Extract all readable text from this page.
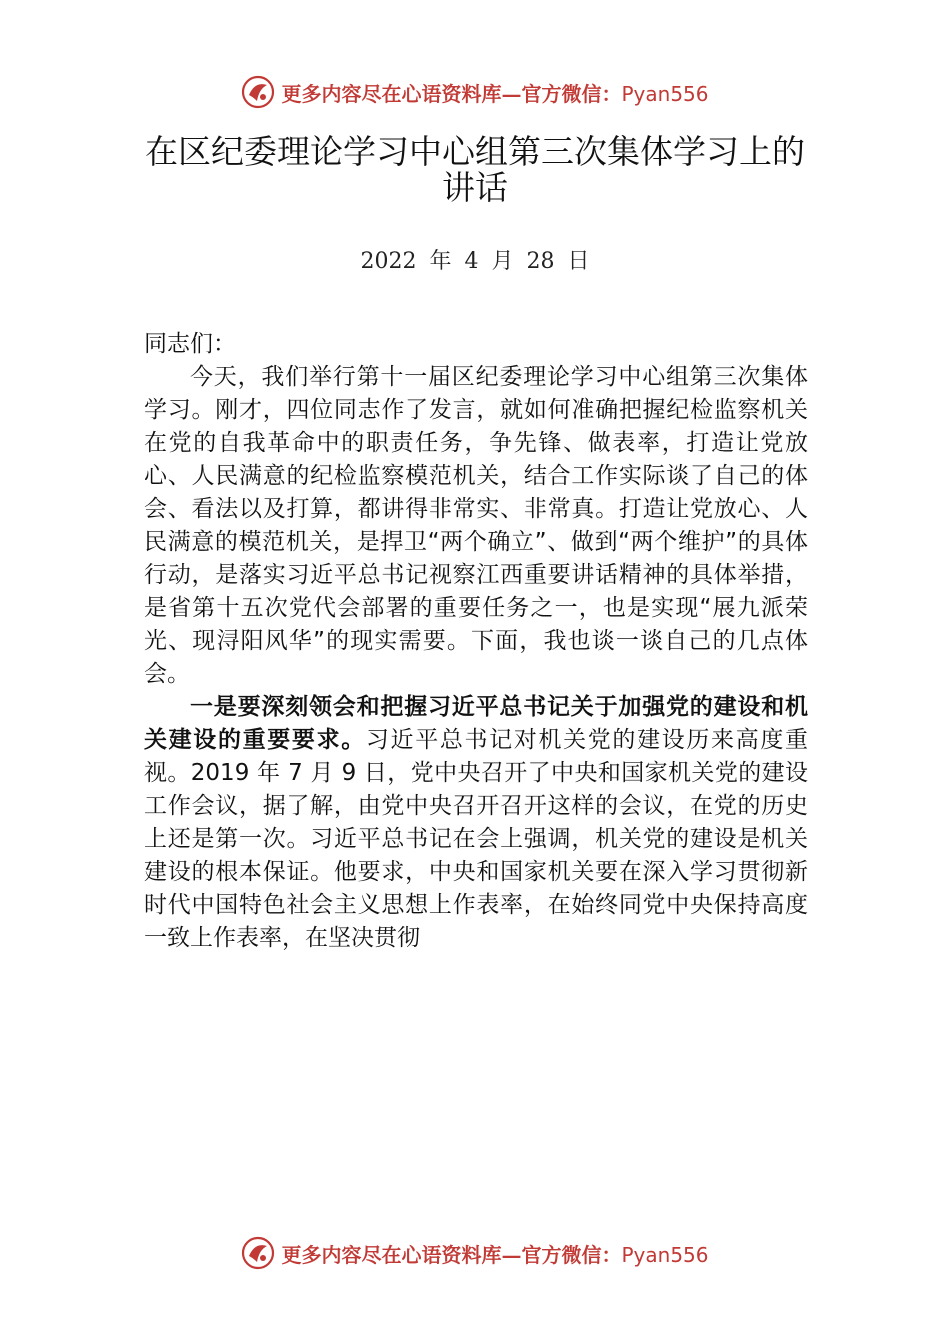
更多内容尽在心语资料库—官方微信：Pyan556
在区纪委理论学习中心组第三次集体学习上的讲话
2022 年 4 月 28 日

同志们：

今天，我们举行第十一届区纪委理论学习中心组第三次集体学习。刚才，四位同志作了发言，就如何准确把握纪检监察机关在党的自我革命中的职责任务，争先锋、做表率，打造让党放心、人民满意的纪检监察模范机关，结合工作实际谈了自己的体会、看法以及打算，都讲得非常实、非常真。打造让党放心、人民满意的模范机关，是捍卫“两个确立”、做到“两个维护”的具体行动，是落实习近平总书记视察江西重要讲话精神的具体举措，是省第十五次党代会部署的重要任务之一，也是实现“展九派荣光、现浔阳风华”的现实需要。下面，我也谈一谈自己的几点体会。

一是要深刻领会和把握习近平总书记关于加强党的建设和机关建设的重要要求。习近平总书记对机关党的建设历来高度重视。2019 年 7 月 9 日，党中央召开了中央和国家机关党的建设工作会议，据了解，由党中央召开召开这样的会议，在党的历史上还是第一次。习近平总书记在会上强调，机关党的建设是机关建设的根本保证。他要求，中央和国家机关要在深入学习贯彻新时代中国特色社会主义思想上作表率，在始终同党中央保持高度一致上作表率，在坚决贯彻

更多内容尽在心语资料库—官方微信：Pyan556
